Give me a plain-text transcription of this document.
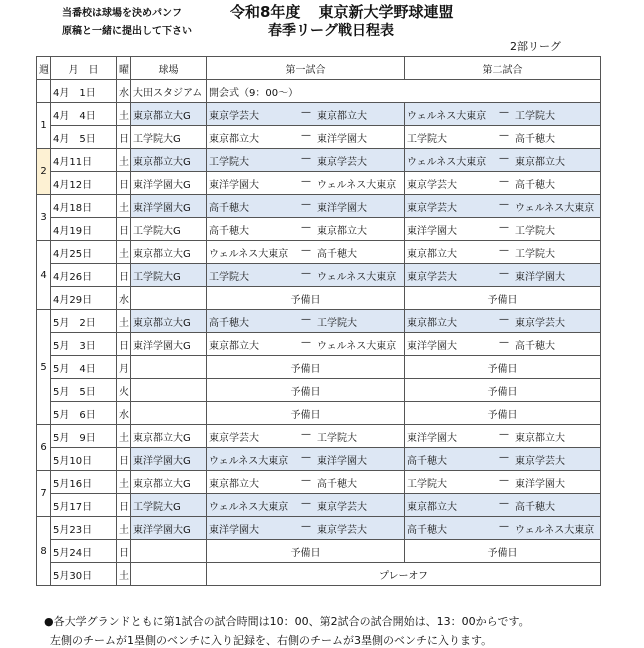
当番校は球場を決めパンフ
原稿と一緒に提出して下さい
令和8年度 東京新大学野球連盟
春季リーグ戦日程表
2部リーグ
週	月　日	曜	球場	第一試合	第二試合
	4月　1日	水	大田スタジアム	開会式（9：00〜）	
1	4月　4日	土	東京都立大G	東京学芸大 — 東京都立大	ウェルネス大東京 — 工学院大

	4月　5日	日	工学院大G	東京都立大 — 東洋学園大	工学院大 — 高千穂大

2	4月11日	土	東京都立大G	工学院大 — 東京学芸大	ウェルネス大東京 — 東京都立大

	4月12日	日	東洋学園大G	東洋学園大 — ウェルネス大東京	東京学芸大 — 高千穂大

3	4月18日	土	東洋学園大G	高千穂大 — 東洋学園大	東京学芸大 — ウェルネス大東京

	4月19日	日	工学院大G	高千穂大 — 東京都立大	東洋学園大 — 工学院大

4	4月25日	土	東京都立大G	ウェルネス大東京 — 高千穂大	東京都立大 — 工学院大

	4月26日	日	工学院大G	工学院大 — ウェルネス大東京	東京学芸大 — 東洋学園大

	4月29日	水		予備日	予備日
5	5月　2日	土	東京都立大G	高千穂大 — 工学院大	東京都立大 — 東京学芸大

	5月　3日	日	東洋学園大G	東京都立大 — ウェルネス大東京	東洋学園大 — 高千穂大

	5月　4日	月		予備日	予備日
	5月　5日	火		予備日	予備日
	5月　6日	水		予備日	予備日
6	5月　9日	土	東京都立大G	東京学芸大 — 工学院大	東洋学園大 — 東京都立大

	5月10日	日	東洋学園大G	ウェルネス大東京 — 東洋学園大	高千穂大 — 東京学芸大

7	5月16日	土	東京都立大G	東京都立大 — 高千穂大	工学院大 — 東洋学園大

	5月17日	日	工学院大G	ウェルネス大東京 — 東京学芸大	東京都立大 — 高千穂大

8	5月23日	土	東洋学園大G	東洋学園大 — 東京学芸大	高千穂大 — ウェルネス大東京

	5月24日	日		予備日	予備日
	5月30日	土		プレーオフ	
●各大学グランドともに第1試合の試合時間は10：00、第2試合の試合開始は、13：00からです。
左側のチームが1塁側のベンチに入り記録を、右側のチームが3塁側のベンチに入ります。
